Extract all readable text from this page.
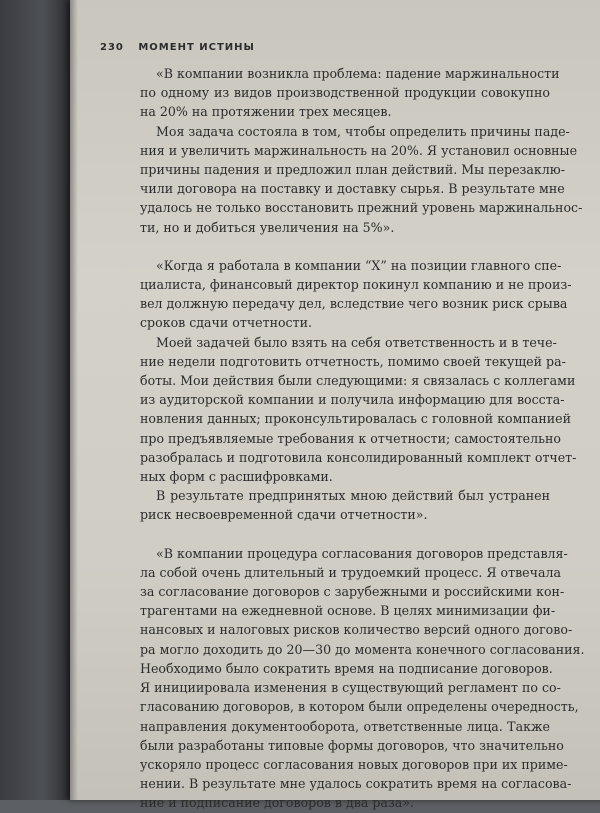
230 МОМЕНТ ИСТИНЫ
«В компании возникла проблема: падение маржинальности
по одному из видов производственной продукции совокупно
на 20% на протяжении трех месяцев.
Моя задача состояла в том, чтобы определить причины паде-
ния и увеличить маржинальность на 20%. Я установил основные
причины падения и предложил план действий. Мы перезаклю-
чили договора на поставку и доставку сырья. В результате мне
удалось не только восстановить прежний уровень маржинальнос-
ти, но и добиться увеличения на 5%».
«Когда я работала в компании “Х” на позиции главного спе-
циалиста, финансовый директор покинул компанию и не произ-
вел должную передачу дел, вследствие чего возник риск срыва
сроков сдачи отчетности.
Моей задачей было взять на себя ответственность и в тече-
ние недели подготовить отчетность, помимо своей текущей ра-
боты. Мои действия были следующими: я связалась с коллегами
из аудиторской компании и получила информацию для восста-
новления данных; проконсультировалась с головной компанией
про предъявляемые требования к отчетности; самостоятельно
разобралась и подготовила консолидированный комплект отчет-
ных форм с расшифровками.
В результате предпринятых мною действий был устранен
риск несвоевременной сдачи отчетности».
«В компании процедура согласования договоров представля-
ла собой очень длительный и трудоемкий процесс. Я отвечала
за согласование договоров с зарубежными и российскими кон-
трагентами на ежедневной основе. В целях минимизации фи-
нансовых и налоговых рисков количество версий одного догово-
ра могло доходить до 20—30 до момента конечного согласования.
Необходимо было сократить время на подписание договоров.
Я инициировала изменения в существующий регламент по со-
гласованию договоров, в котором были определены очередность,
направления документооборота, ответственные лица. Также
были разработаны типовые формы договоров, что значительно
ускоряло процесс согласования новых договоров при их приме-
нении. В результате мне удалось сократить время на согласова-
ние и подписание договоров в два раза».
